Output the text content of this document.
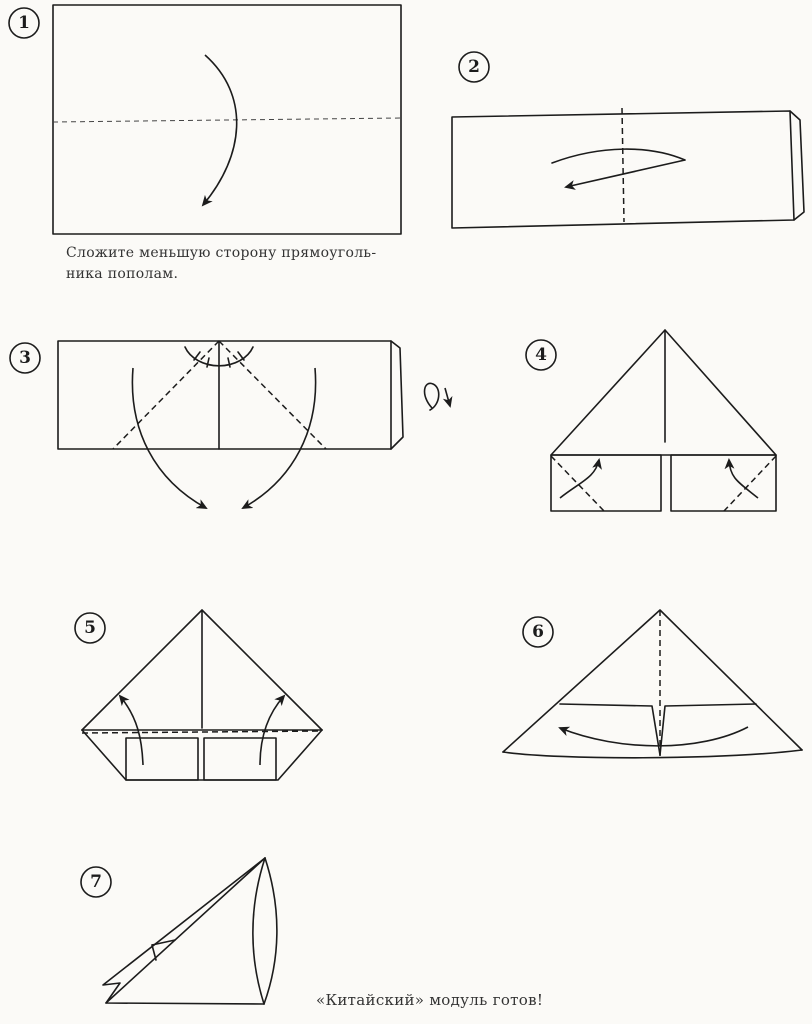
1
2
3	4
5	6
7
Сложите меньшую сторону прямоуголь-
ника пополам.
«Китайский» модуль готов!
